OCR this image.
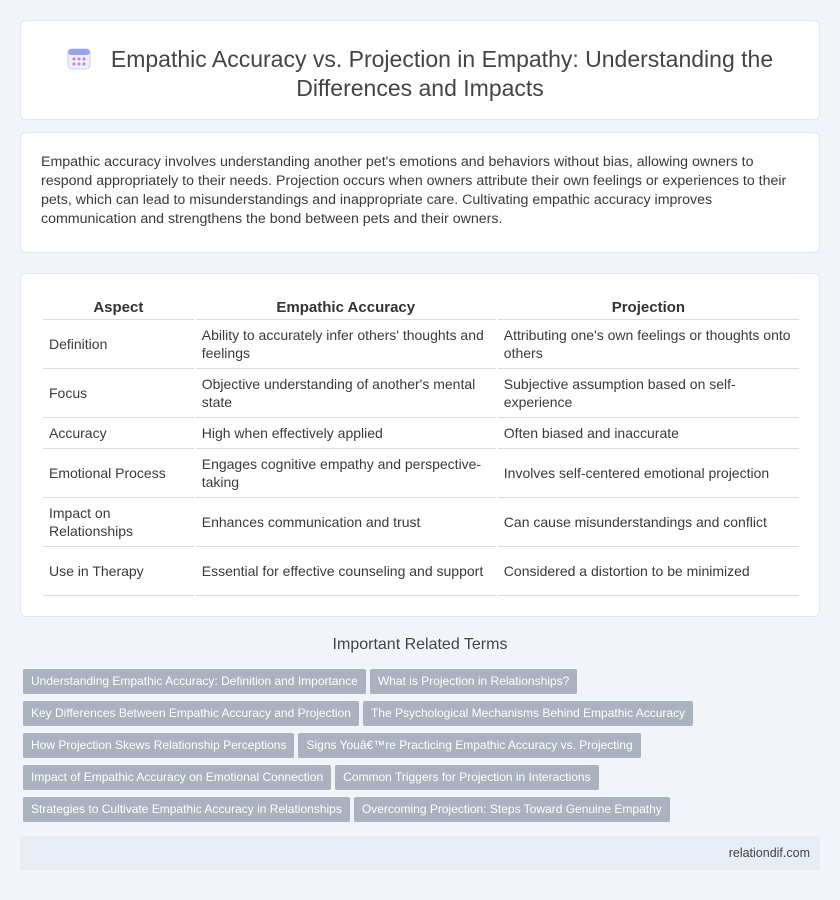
Empathic Accuracy vs. Projection in Empathy: Understanding the Differences and Impacts

Empathic accuracy involves understanding another pet's emotions and behaviors without bias, allowing owners to respond appropriately to their needs. Projection occurs when owners attribute their own feelings or experiences to their pets, which can lead to misunderstandings and inappropriate care. Cultivating empathic accuracy improves communication and strengthens the bond between pets and their owners.

Aspect	Empathic Accuracy	Projection
Definition	Ability to accurately infer others' thoughts and feelings	Attributing one's own feelings or thoughts onto others
Focus	Objective understanding of another's mental state	Subjective assumption based on self-experience
Accuracy	High when effectively applied	Often biased and inaccurate
Emotional Process	Engages cognitive empathy and perspective-taking	Involves self-centered emotional projection
Impact on Relationships	Enhances communication and trust	Can cause misunderstandings and conflict
Use in Therapy	Essential for effective counseling and support	Considered a distortion to be minimized
Important Related Terms
Understanding Empathic Accuracy: Definition and Importance What is Projection in Relationships?
Key Differences Between Empathic Accuracy and Projection The Psychological Mechanisms Behind Empathic Accuracy
How Projection Skews Relationship Perceptions Signs Youâ€™re Practicing Empathic Accuracy vs. Projecting
Impact of Empathic Accuracy on Emotional Connection Common Triggers for Projection in Interactions
Strategies to Cultivate Empathic Accuracy in Relationships Overcoming Projection: Steps Toward Genuine Empathy
relationdif.com
